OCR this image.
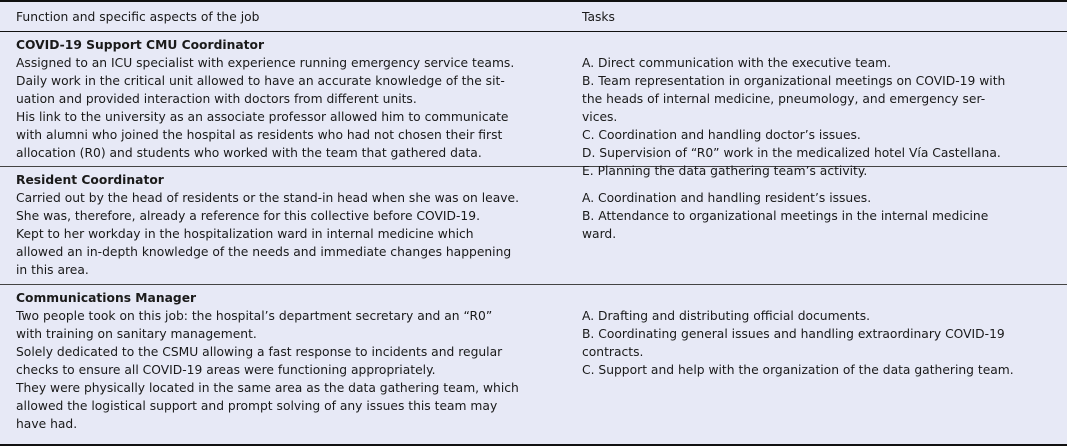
Function and specific aspects of the job	Tasks
COVID-19 Support CMU Coordinator
Assigned to an ICU specialist with experience running emergency service teams.
Daily work in the critical unit allowed to have an accurate knowledge of the sit-
uation and provided interaction with doctors from different units.
His link to the university as an associate professor allowed him to communicate
with alumni who joined the hospital as residents who had not chosen their first
allocation (R0) and students who worked with the team that gathered data.
A. Direct communication with the executive team.
B. Team representation in organizational meetings on COVID-19 with
the heads of internal medicine, pneumology, and emergency ser-
vices.
C. Coordination and handling doctor’s issues.
D. Supervision of “R0” work in the medicalized hotel Vía Castellana.
E. Planning the data gathering team’s activity.
Resident Coordinator
Carried out by the head of residents or the stand-in head when she was on leave.
She was, therefore, already a reference for this collective before COVID-19.
Kept to her workday in the hospitalization ward in internal medicine which
allowed an in-depth knowledge of the needs and immediate changes happening
in this area.
A. Coordination and handling resident’s issues.
B. Attendance to organizational meetings in the internal medicine
ward.
Communications Manager
Two people took on this job: the hospital’s department secretary and an “R0”
with training on sanitary management.
Solely dedicated to the CSMU allowing a fast response to incidents and regular
checks to ensure all COVID-19 areas were functioning appropriately.
They were physically located in the same area as the data gathering team, which
allowed the logistical support and prompt solving of any issues this team may
have had.
A. Drafting and distributing official documents.
B. Coordinating general issues and handling extraordinary COVID-19
contracts.
C. Support and help with the organization of the data gathering team.
